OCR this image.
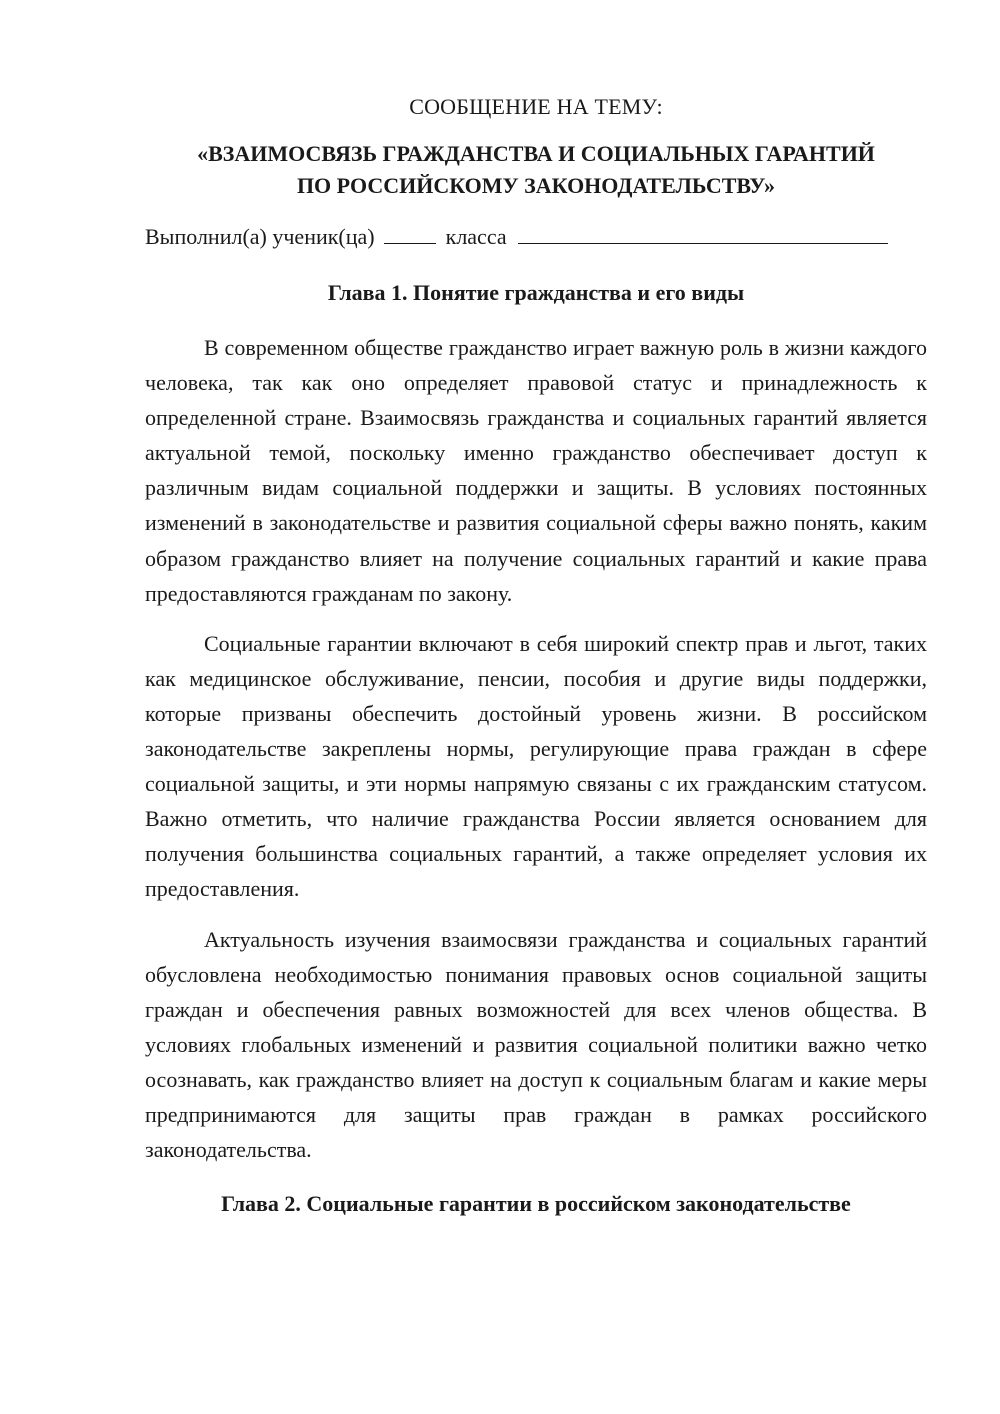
СООБЩЕНИЕ НА ТЕМУ:
«ВЗАИМОСВЯЗЬ ГРАЖДАНСТВА И СОЦИАЛЬНЫХ ГАРАНТИЙ
ПО РОССИЙСКОМУ ЗАКОНОДАТЕЛЬСТВУ»
Выполнил(а) ученик(ца)	класса
Глава 1. Понятие гражданства и его виды

В современном обществе гражданство играет важную роль в жизни каждого человека, так как оно определяет правовой статус и принадлежность к определенной стране. Взаимосвязь гражданства и социальных гарантий является актуальной темой, поскольку именно гражданство обеспечивает доступ к различным видам социальной поддержки и защиты. В условиях постоянных изменений в законодательстве и развития социальной сферы важно понять, каким образом гражданство влияет на получение социальных гарантий и какие права предоставляются гражданам по закону.

Социальные гарантии включают в себя широкий спектр прав и льгот, таких как медицинское обслуживание, пенсии, пособия и другие виды поддержки, которые призваны обеспечить достойный уровень жизни. В российском законодательстве закреплены нормы, регулирующие права граждан в сфере социальной защиты, и эти нормы напрямую связаны с их гражданским статусом. Важно отметить, что наличие гражданства России является основанием для получения большинства социальных гарантий, а также определяет условия их предоставления.

Актуальность изучения взаимосвязи гражданства и социальных гарантий обусловлена необходимостью понимания правовых основ социальной защиты граждан и обеспечения равных возможностей для всех членов общества. В условиях глобальных изменений и развития социальной политики важно четко осознавать, как гражданство влияет на доступ к социальным благам и какие меры предпринимаются для защиты прав граждан в рамках российского законодательства.

Глава 2. Социальные гарантии в российском законодательстве
